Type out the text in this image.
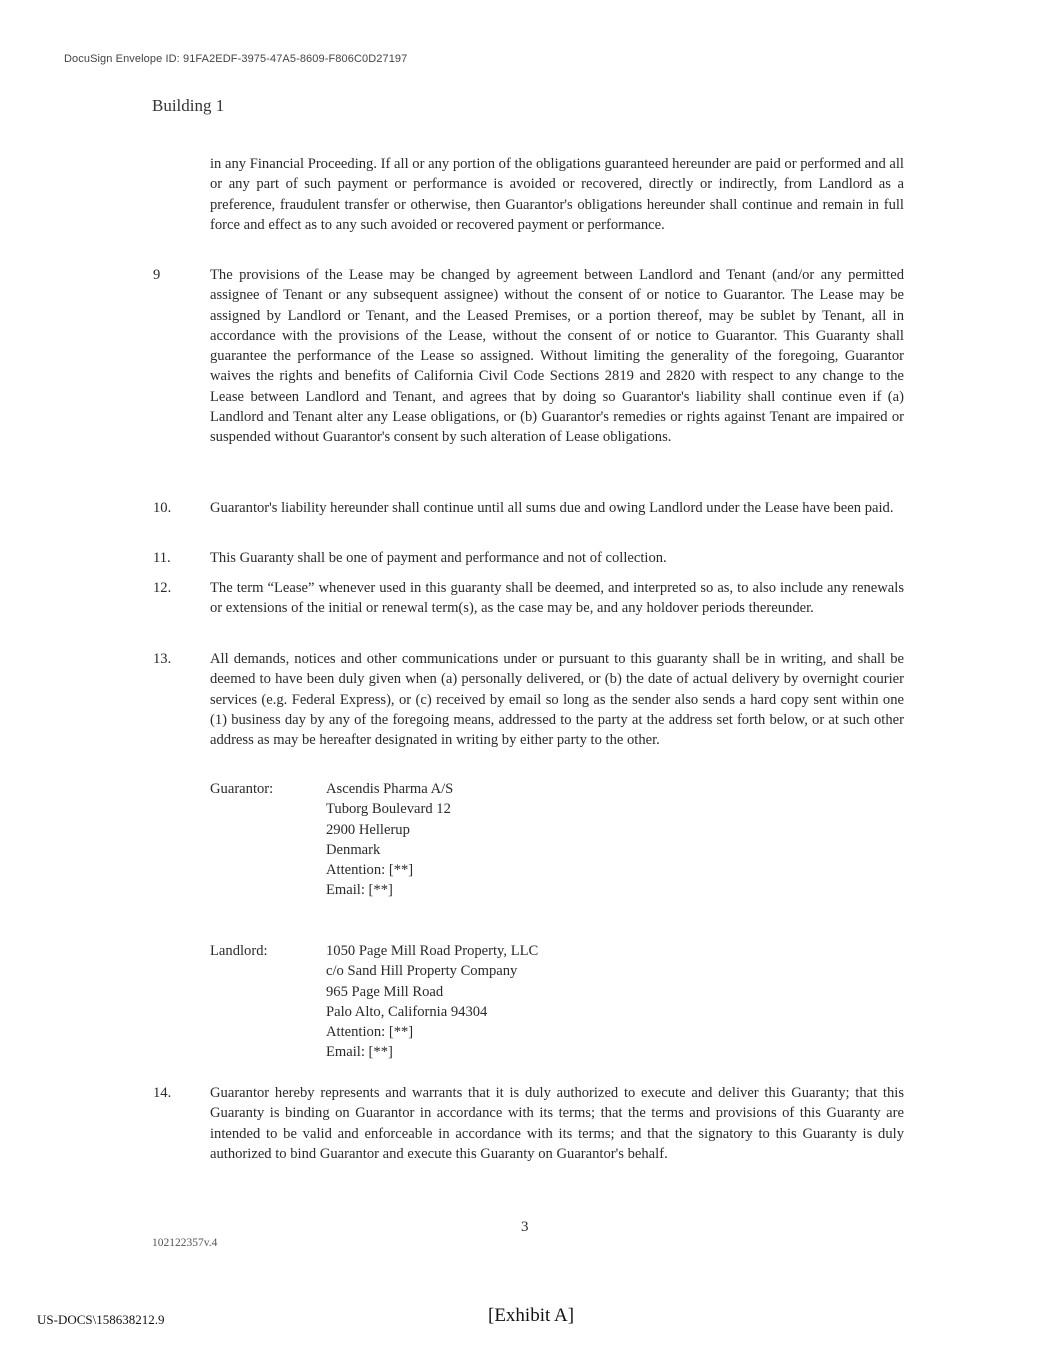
DocuSign Envelope ID: 91FA2EDF-3975-47A5-8609-F806C0D27197
Building 1

in any Financial Proceeding. If all or any portion of the obligations guaranteed hereunder are paid or performed and all or any part of such payment or performance is avoided or recovered, directly or indirectly, from Landlord as a preference, fraudulent transfer or otherwise, then Guarantor's obligations hereunder shall continue and remain in full force and effect as to any such avoided or recovered payment or performance.

9	The provisions of the Lease may be changed by agreement between Landlord and Tenant (and/or any permitted assignee of Tenant or any subsequent assignee) without the consent of or notice to Guarantor. The Lease may be assigned by Landlord or Tenant, and the Leased Premises, or a portion thereof, may be sublet by Tenant, all in accordance with the provisions of the Lease, without the consent of or notice to Guarantor. This Guaranty shall guarantee the performance of the Lease so assigned. Without limiting the generality of the foregoing, Guarantor waives the rights and benefits of California Civil Code Sections 2819 and 2820 with respect to any change to the Lease between Landlord and Tenant, and agrees that by doing so Guarantor's liability shall continue even if (a) Landlord and Tenant alter any Lease obligations, or (b) Guarantor's remedies or rights against Tenant are impaired or suspended without Guarantor's consent by such alteration of Lease obligations.

10.	Guarantor's liability hereunder shall continue until all sums due and owing Landlord under the Lease have been paid.

11.	This Guaranty shall be one of payment and performance and not of collection.

12.	The term “Lease” whenever used in this guaranty shall be deemed, and interpreted so as, to also include any renewals or extensions of the initial or renewal term(s), as the case may be, and any holdover periods thereunder.

13.	All demands, notices and other communications under or pursuant to this guaranty shall be in writing, and shall be deemed to have been duly given when (a) personally delivered, or (b) the date of actual delivery by overnight courier services (e.g. Federal Express), or (c) received by email so long as the sender also sends a hard copy sent within one (1) business day by any of the foregoing means, addressed to the party at the address set forth below, or at such other address as may be hereafter designated in writing by either party to the other.

Guarantor:	Ascendis Pharma A/S
Tuborg Boulevard 12
2900 Hellerup
Denmark
Attention: [**]
Email: [**]
Landlord:	1050 Page Mill Road Property, LLC
c/o Sand Hill Property Company
965 Page Mill Road
Palo Alto, California 94304
Attention: [**]
Email: [**]
14.	Guarantor hereby represents and warrants that it is duly authorized to execute and deliver this Guaranty; that this Guaranty is binding on Guarantor in accordance with its terms; that the terms and provisions of this Guaranty are intended to be valid and enforceable in accordance with its terms; and that the signatory to this Guaranty is duly authorized to bind Guarantor and execute this Guaranty on Guarantor's behalf.

3
102122357v.4
US-DOCS\158638212.9	[Exhibit A]
